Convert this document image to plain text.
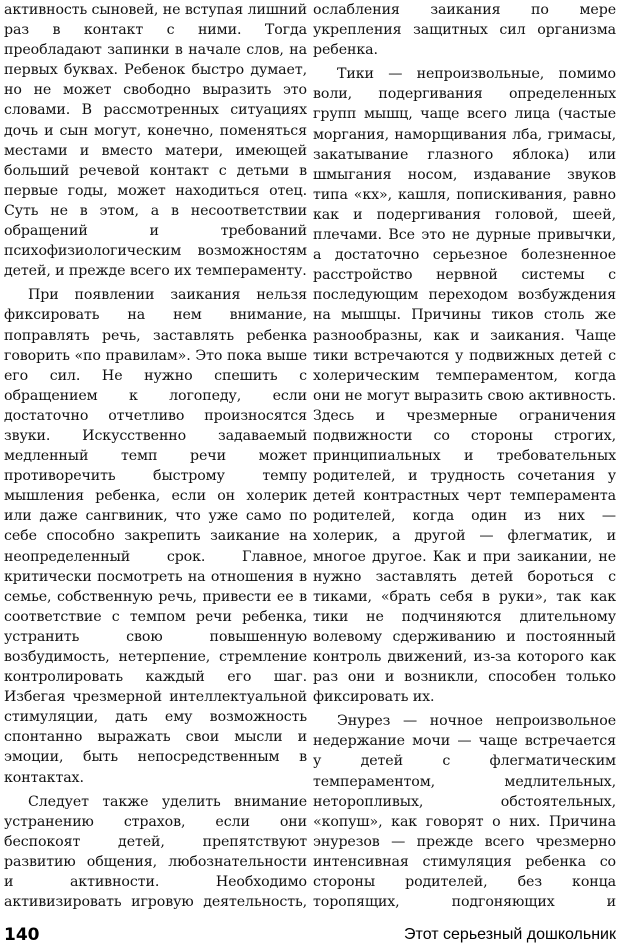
активность сыновей, не вступая лишний раз в контакт с ними. Тогда преобладают запинки в начале слов, на первых буквах. Ребенок быстро думает, но не может свободно выразить это словами. В рассмотренных ситуациях дочь и сын могут, конечно, поменяться местами и вместо матери, имеющей больший речевой контакт с детьми в первые годы, может находиться отец. Суть не в этом, а в несоответствии обращений и требований психофизиологическим возможностям детей, и прежде всего их темпераменту.

При появлении заикания нельзя фиксировать на нем внимание, поправлять речь, заставлять ребенка говорить «по правилам». Это пока выше его сил. Не нужно спешить с обращением к логопеду, если достаточно отчетливо произносятся звуки. Искусственно задаваемый медленный темп речи может противоречить быстрому темпу мышления ребенка, если он холерик или даже сангвиник, что уже само по себе способно закрепить заикание на неопределенный срок. Главное, критически посмотреть на отношения в семье, собственную речь, привести ее в соответствие с темпом речи ребенка, устранить свою повышенную возбудимость, нетерпение, стремление контролировать каждый его шаг. Избегая чрезмерной интеллектуальной стимуляции, дать ему возможность спонтанно выражать свои мысли и эмоции, быть непосредственным в контактах.

Следует также уделить внимание устранению страхов, если они беспокоят детей, препятствуют развитию общения, любознательности и активности. Необходимо активизировать игровую деятельность,

ослабления заикания по мере укрепления защитных сил организма ребенка.

Тики — непроизвольные, помимо воли, подергивания определенных групп мышц, чаще всего лица (частые моргания, наморщивания лба, гримасы, закатывание глазного яблока) или шмыгания носом, издавание звуков типа «кх», кашля, попискивания, равно как и подергивания головой, шеей, плечами. Все это не дурные привычки, а достаточно серьезное болезненное расстройство нервной системы с последующим переходом возбуждения на мышцы. Причины тиков столь же разнообразны, как и заикания. Чаще тики встречаются у подвижных детей с холерическим темпераментом, когда они не могут выразить свою активность. Здесь и чрезмерные ограничения подвижности со стороны строгих, принципиальных и требовательных родителей, и трудность сочетания у детей контрастных черт темперамента родителей, когда один из них — холерик, а другой — флегматик, и многое другое. Как и при заикании, не нужно заставлять детей бороться с тиками, «брать себя в руки», так как тики не подчиняются длительному волевому сдерживанию и постоянный контроль движений, из-за которого как раз они и возникли, способен только фиксировать их.

Энурез — ночное непроизвольное недержание мочи — чаще встречается у детей с флегматическим темпераментом, медлительных, неторопливых, обстоятельных, «копуш», как говорят о них. Причина энурезов — прежде всего чрезмерно интенсивная стимуляция ребенка со стороны родителей, без конца торопящих, подгоняющих и

140	Этот серьезный дошкольник
